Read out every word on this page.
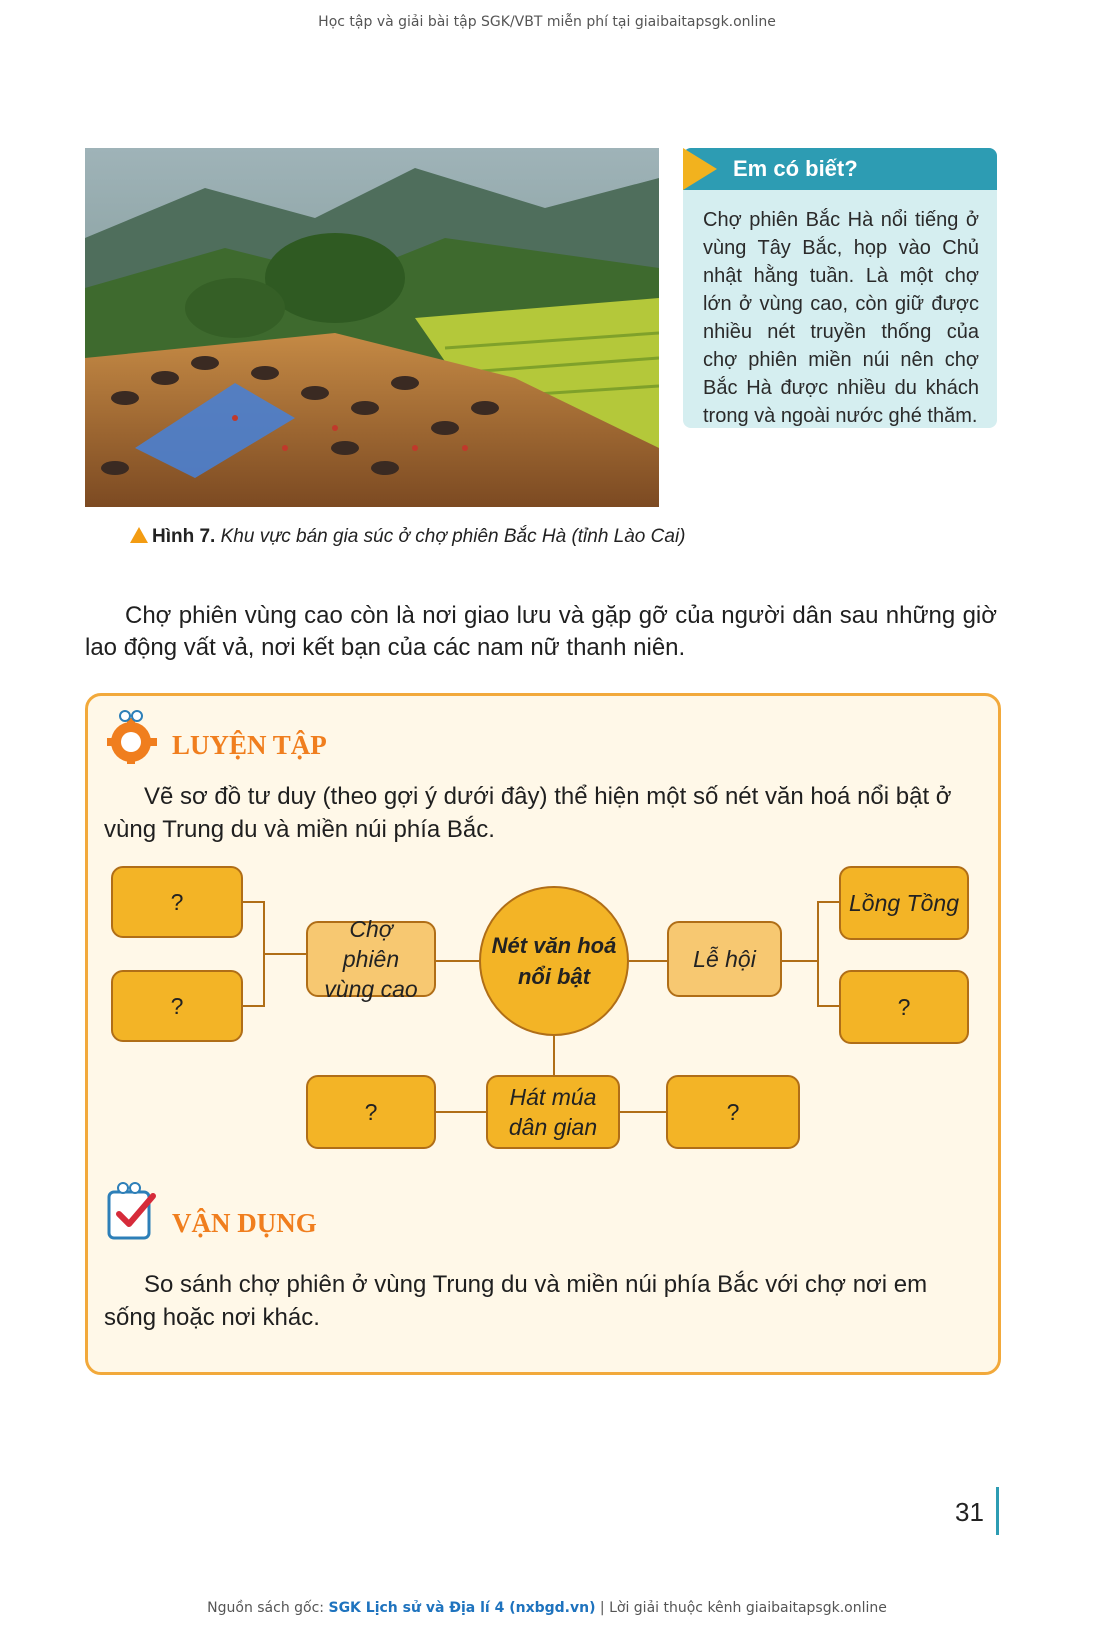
Học tập và giải bài tập SGK/VBT miễn phí tại giaibaitapsgk.online
Hình 7. Khu vực bán gia súc ở chợ phiên Bắc Hà (tỉnh Lào Cai)
Em có biết?
Chợ phiên Bắc Hà nổi tiếng ở vùng Tây Bắc, họp vào Chủ nhật hằng tuần. Là một chợ lớn ở vùng cao, còn giữ được nhiều nét truyền thống của chợ phiên miền núi nên chợ Bắc Hà được nhiều du khách trong và ngoài nước ghé thăm.
Chợ phiên vùng cao còn là nơi giao lưu và gặp gỡ của người dân sau những giờ lao động vất vả, nơi kết bạn của các nam nữ thanh niên.
LUYỆN TẬP
Vẽ sơ đồ tư duy (theo gợi ý dưới đây) thể hiện một số nét văn hoá nổi bật ở vùng Trung du và miền núi phía Bắc.
?
?
Chợ phiên vùng cao
Nét văn hoá nổi bật
Lễ hội
Lồng Tồng
?
?
Hát múa dân gian
?
VẬN DỤNG
So sánh chợ phiên ở vùng Trung du và miền núi phía Bắc với chợ nơi em sống hoặc nơi khác.
31
Nguồn sách gốc: SGK Lịch sử và Địa lí 4 (nxbgd.vn) | Lời giải thuộc kênh giaibaitapsgk.online
